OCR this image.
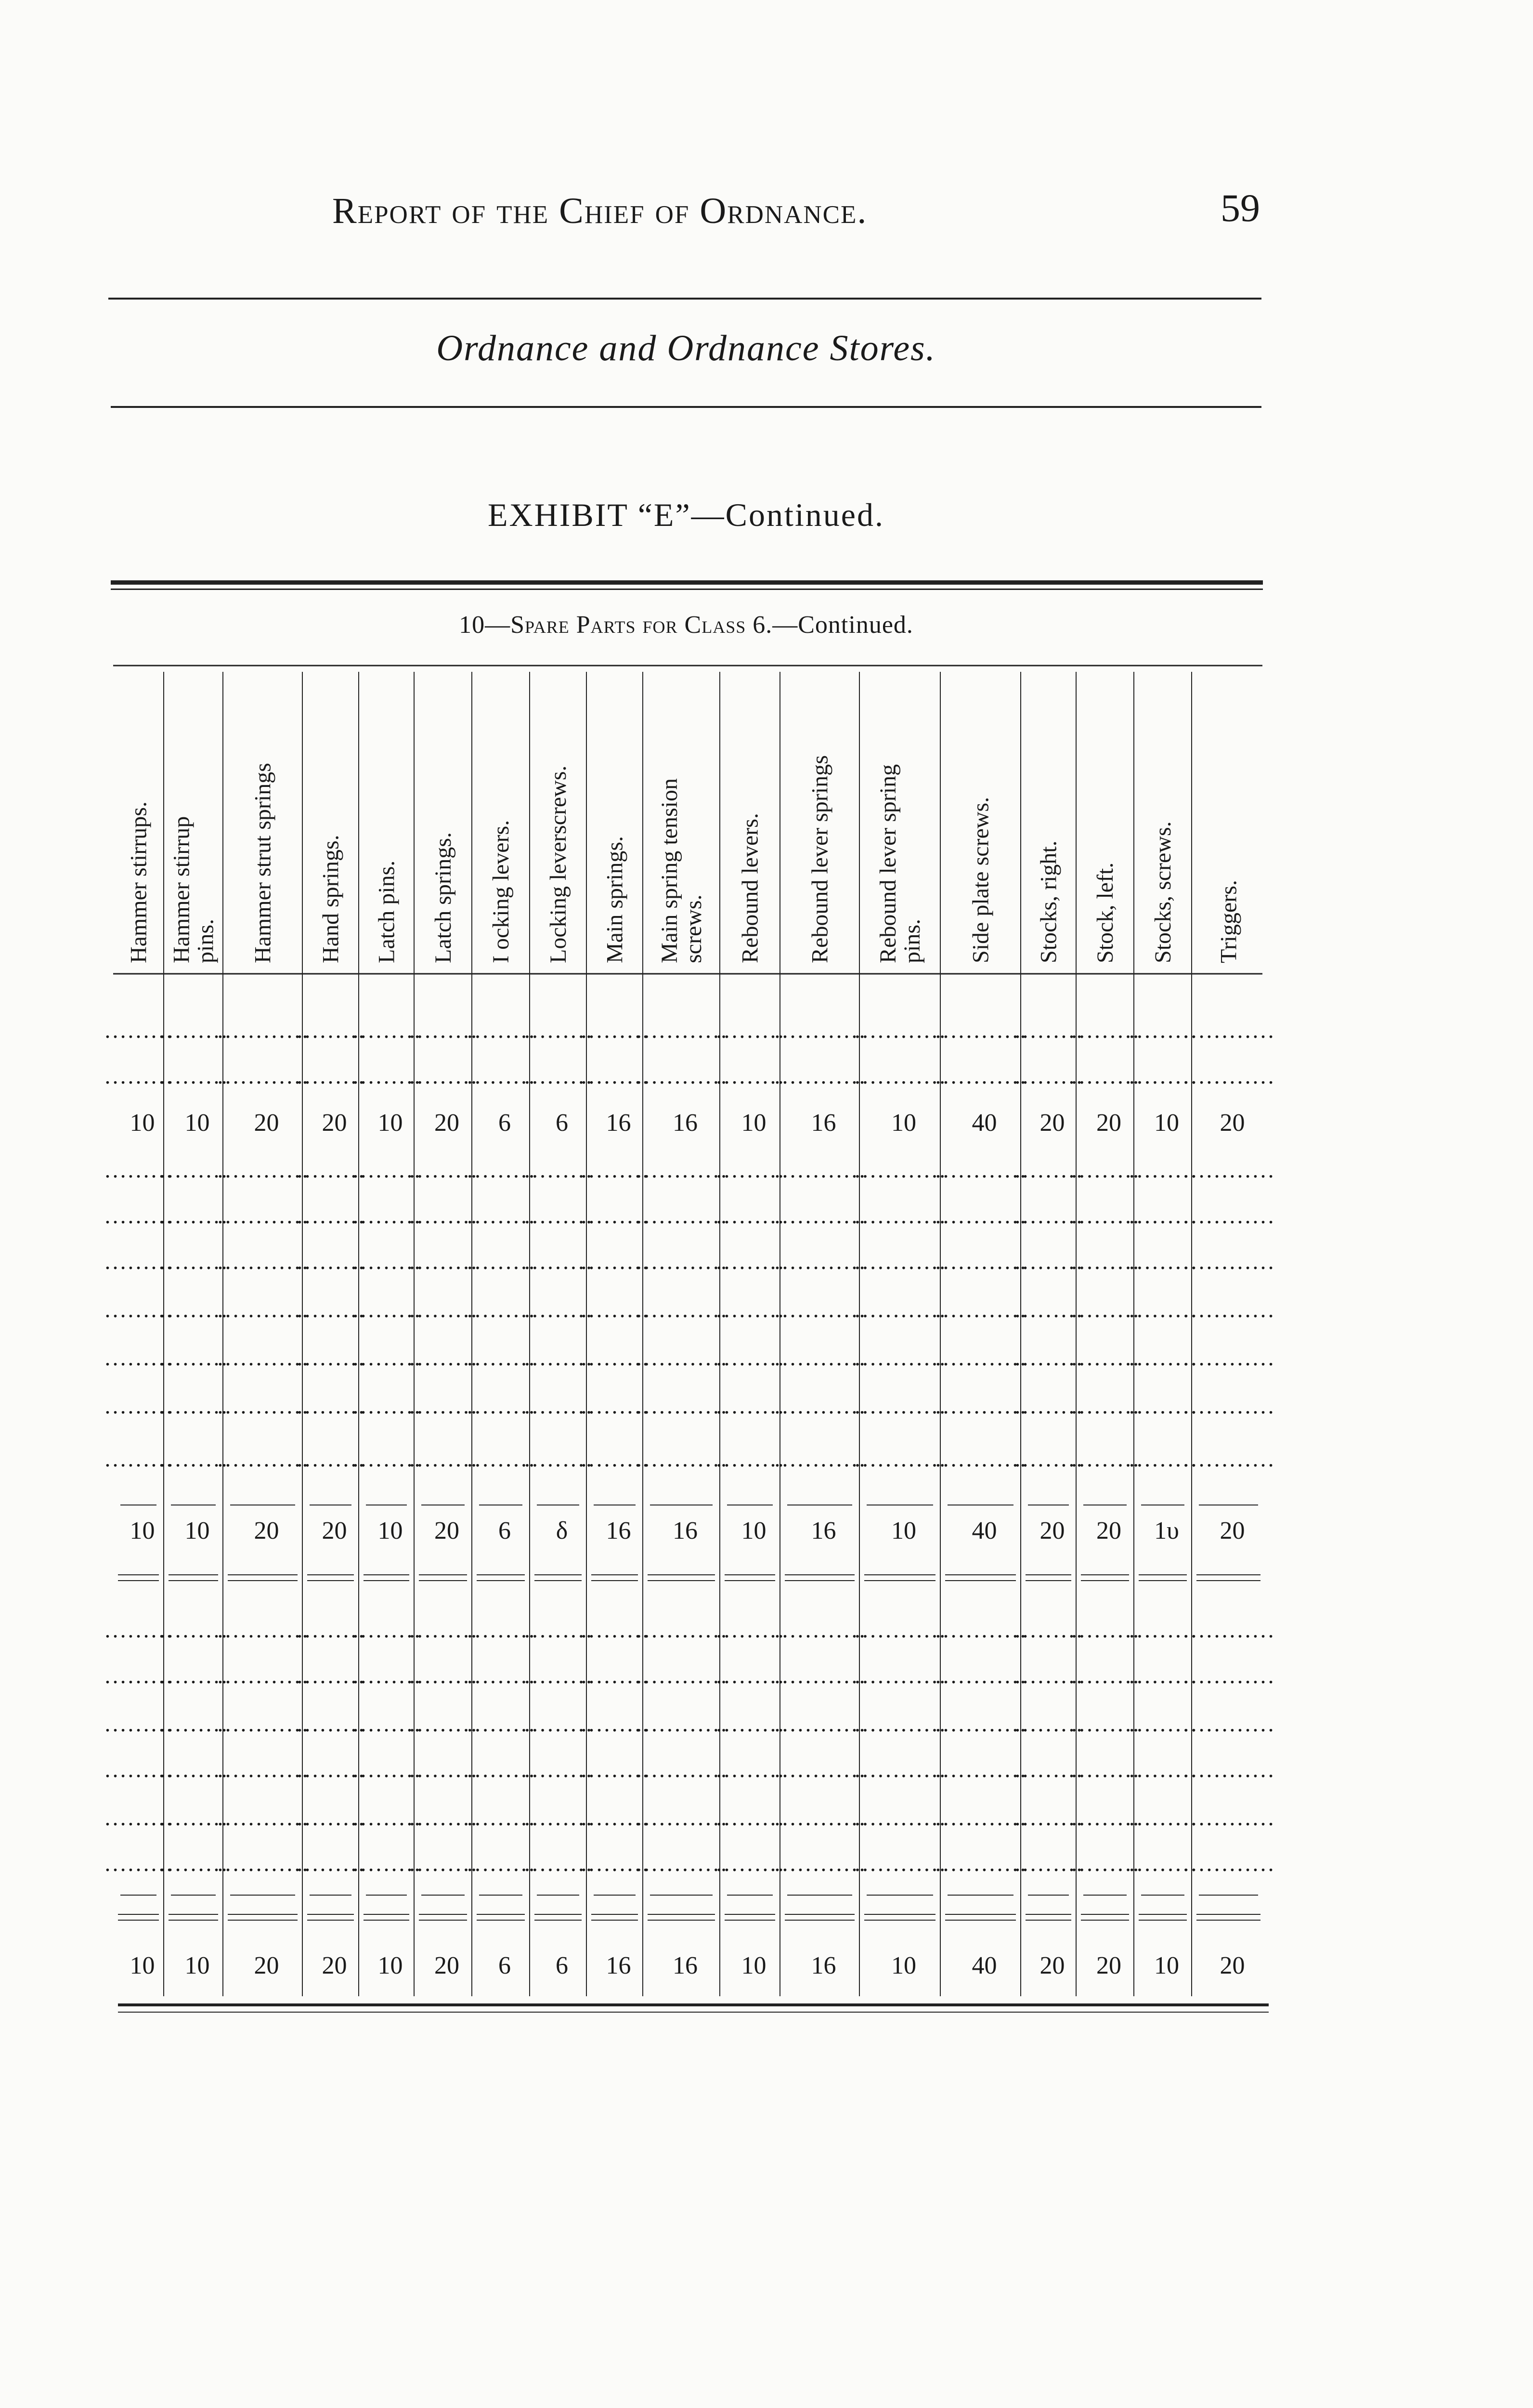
Report of the Chief of Ordnance.	59
Ordnance and Ordnance Stores.
EXHIBIT “E”—Continued.
10—Spare Parts for Class 6.—Continued.
Hammer stirrups. Hammer stirrup
pins. Hammer strut springs Hand springs. Latch pins. Latch springs. I ocking levers. Locking leverscrews. Main springs. Main spring tension
screws. Rebound levers. Rebound lever springs Rebound lever spring
pins. Side plate screws. Stocks, right. Stock, left. Stocks, screws. Triggers.
………
………
…………
………
………
………
………
………
………
…………
………
…………
…………
…………
………
………
………
…………
………
………
…………
………
………
………
………
………
………
…………
………
…………
…………
…………
………
………
………
…………
10 10 20 20 10 20 6 6 16 16 10 16 10 40 20 20 10 20
………
………
…………
………
………
………
………
………
………
…………
………
…………
…………
…………
………
………
………
…………
………
………
…………
………
………
………
………
………
………
…………
………
…………
…………
…………
………
………
………
…………
………
………
…………
………
………
………
………
………
………
…………
………
…………
…………
…………
………
………
………
…………
………
………
…………
………
………
………
………
………
………
…………
………
…………
…………
…………
………
………
………
…………
………
………
…………
………
………
………
………
………
………
…………
………
…………
…………
…………
………
………
………
…………
………
………
…………
………
………
………
………
………
………
…………
………
…………
…………
…………
………
………
………
…………
………
………
…………
………
………
………
………
………
………
…………
………
…………
…………
…………
………
………
………
…………
10 10 20 20 10 20 6 δ 16 16 10 16 10 40 20 20 1υ 20
………
………
…………
………
………
………
………
………
………
…………
………
…………
…………
…………
………
………
………
…………
………
………
…………
………
………
………
………
………
………
…………
………
…………
…………
…………
………
………
………
…………
………
………
…………
………
………
………
………
………
………
…………
………
…………
…………
…………
………
………
………
…………
………
………
…………
………
………
………
………
………
………
…………
………
…………
…………
…………
………
………
………
…………
………
………
…………
………
………
………
………
………
………
…………
………
…………
…………
…………
………
………
………
…………
………
………
…………
………
………
………
………
………
………
…………
………
…………
…………
…………
………
………
………
…………
10 10 20 20 10 20 6 6 16 16 10 16 10 40 20 20 10 20
